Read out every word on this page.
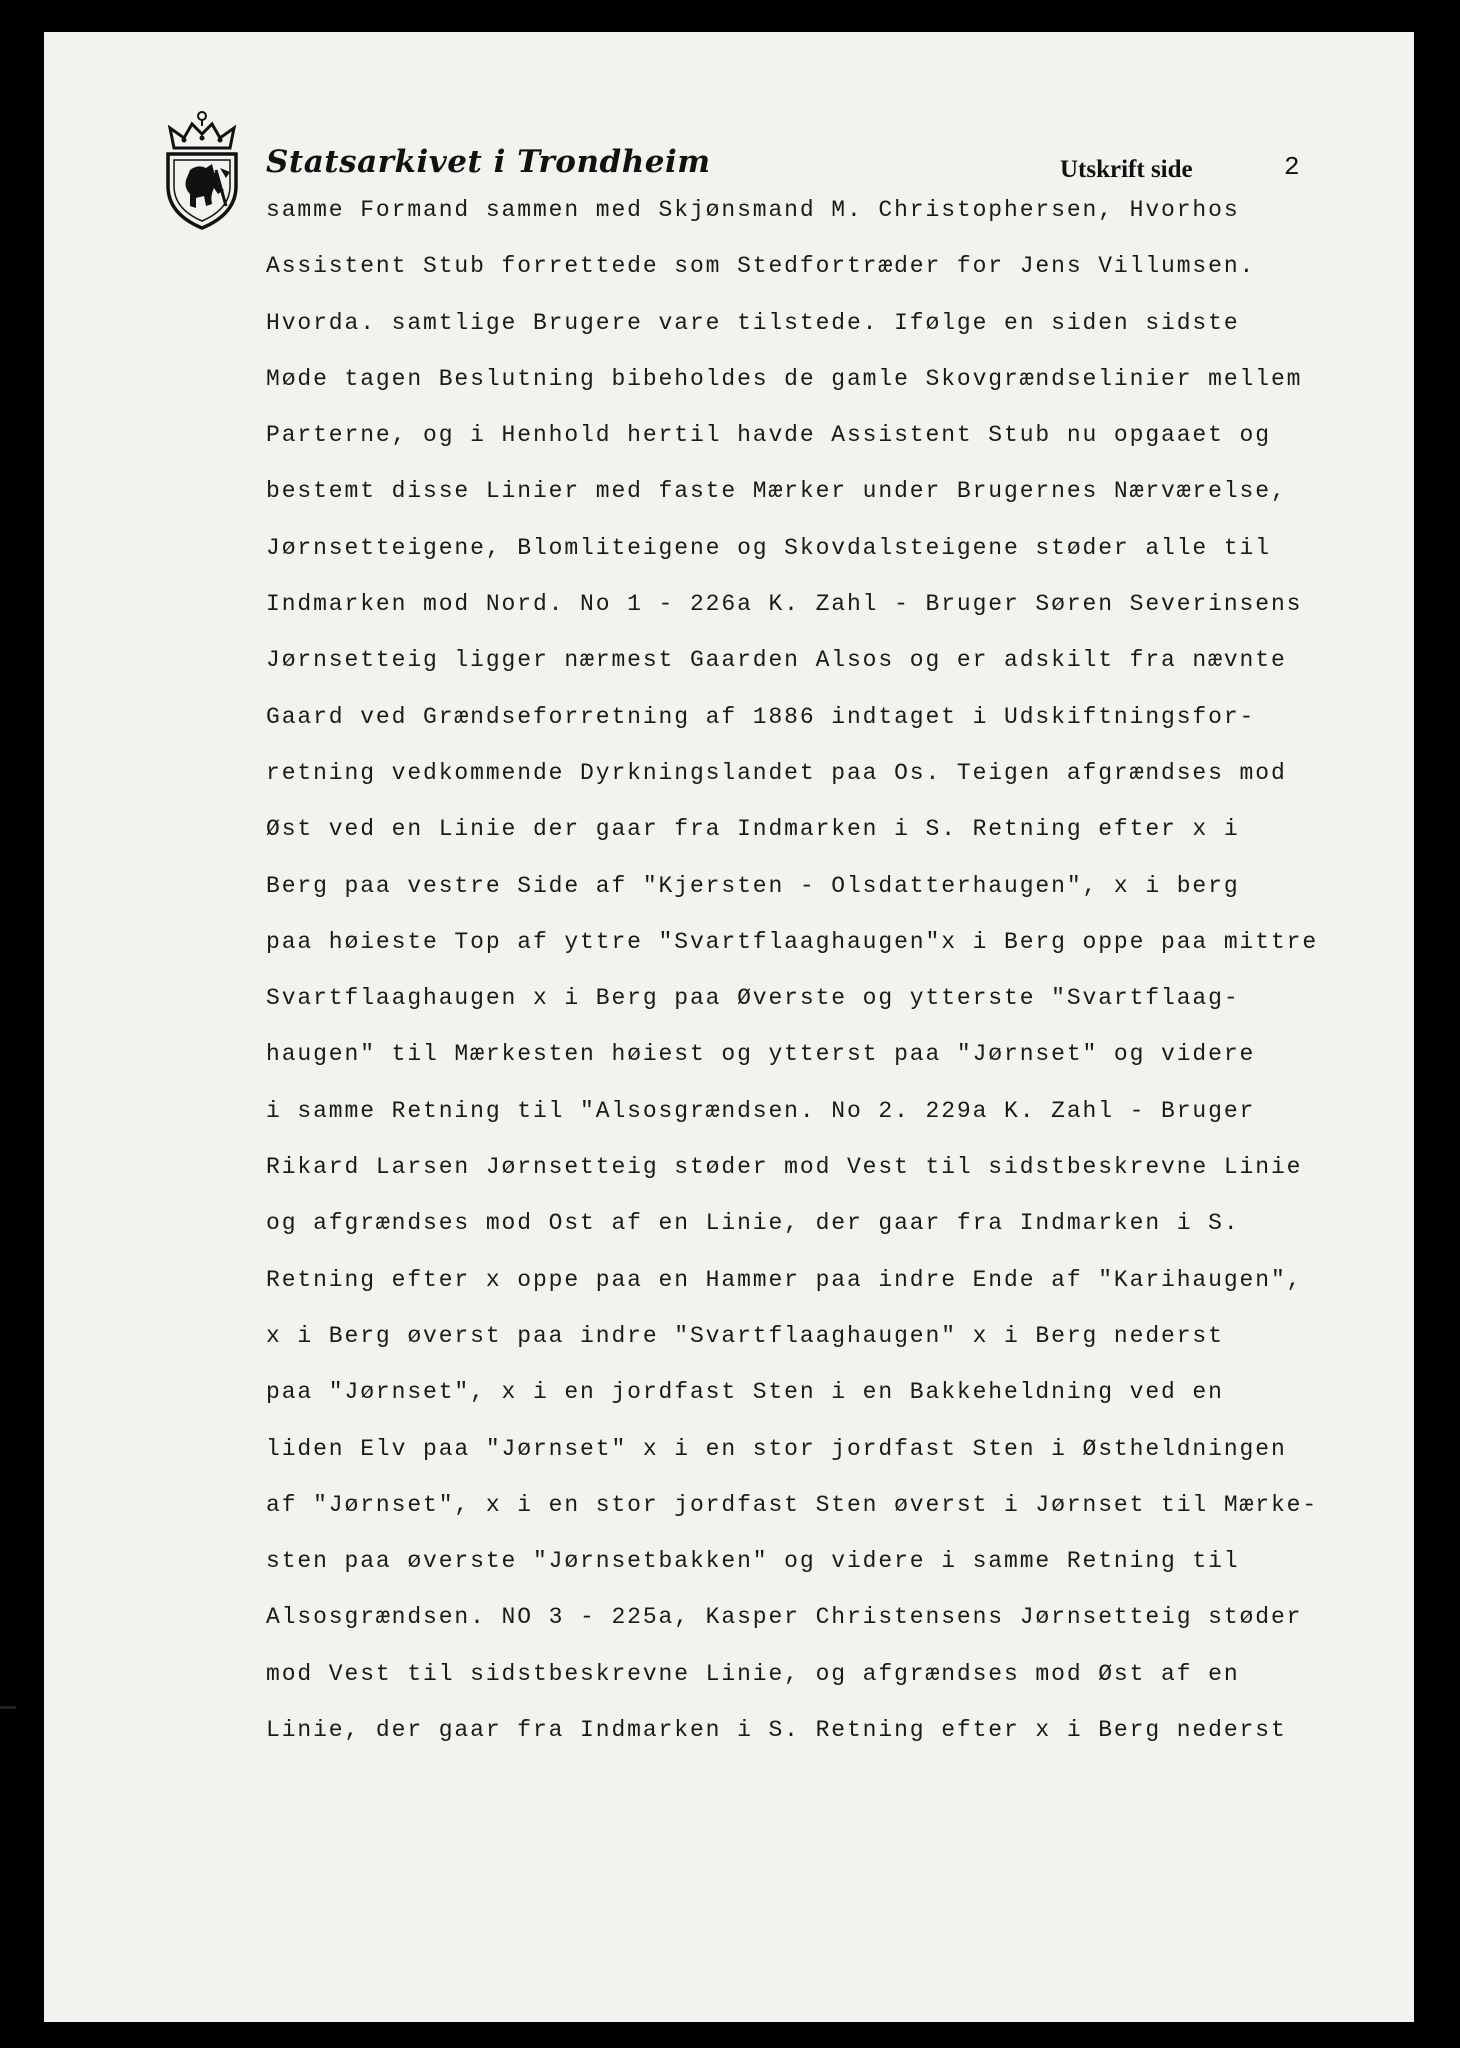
Statsarkivet i Trondheim	Utskrift side	2
samme Formand sammen med Skjønsmand M. Christophersen, Hvorhos
Assistent Stub forrettede som Stedfortræder for Jens Villumsen.
Hvorda. samtlige Brugere vare tilstede. Ifølge en siden sidste
Møde tagen Beslutning bibeholdes de gamle Skovgrændselinier mellem
Parterne, og i Henhold hertil havde Assistent Stub nu opgaaet og
bestemt disse Linier med faste Mærker under Brugernes Nærværelse,
Jørnsetteigene, Blomliteigene og Skovdalsteigene støder alle til
Indmarken mod Nord. No 1 - 226a K. Zahl - Bruger Søren Severinsens
Jørnsetteig ligger nærmest Gaarden Alsos og er adskilt fra nævnte
Gaard ved Grændseforretning af 1886 indtaget i Udskiftningsfor-
retning vedkommende Dyrkningslandet paa Os. Teigen afgrændses mod
Øst ved en Linie der gaar fra Indmarken i S. Retning efter x i
Berg paa vestre Side af "Kjersten - Olsdatterhaugen", x i berg
paa høieste Top af yttre "Svartflaaghaugen"x i Berg oppe paa mittre
Svartflaaghaugen x i Berg paa Øverste og ytterste "Svartflaag-
haugen" til Mærkesten høiest og ytterst paa "Jørnset" og videre
i samme Retning til "Alsosgrændsen. No 2. 229a K. Zahl - Bruger
Rikard Larsen Jørnsetteig støder mod Vest til sidstbeskrevne Linie
og afgrændses mod Ost af en Linie, der gaar fra Indmarken i S.
Retning efter x oppe paa en Hammer paa indre Ende af "Karihaugen",
x i Berg øverst paa indre "Svartflaaghaugen" x i Berg nederst
paa "Jørnset", x i en jordfast Sten i en Bakkeheldning ved en
liden Elv paa "Jørnset" x i en stor jordfast Sten i Østheldningen
af "Jørnset", x i en stor jordfast Sten øverst i Jørnset til Mærke-
sten paa øverste "Jørnsetbakken" og videre i samme Retning til
Alsosgrændsen. NO 3 - 225a, Kasper Christensens Jørnsetteig støder
mod Vest til sidstbeskrevne Linie, og afgrændses mod Øst af en
Linie, der gaar fra Indmarken i S. Retning efter x i Berg nederst
